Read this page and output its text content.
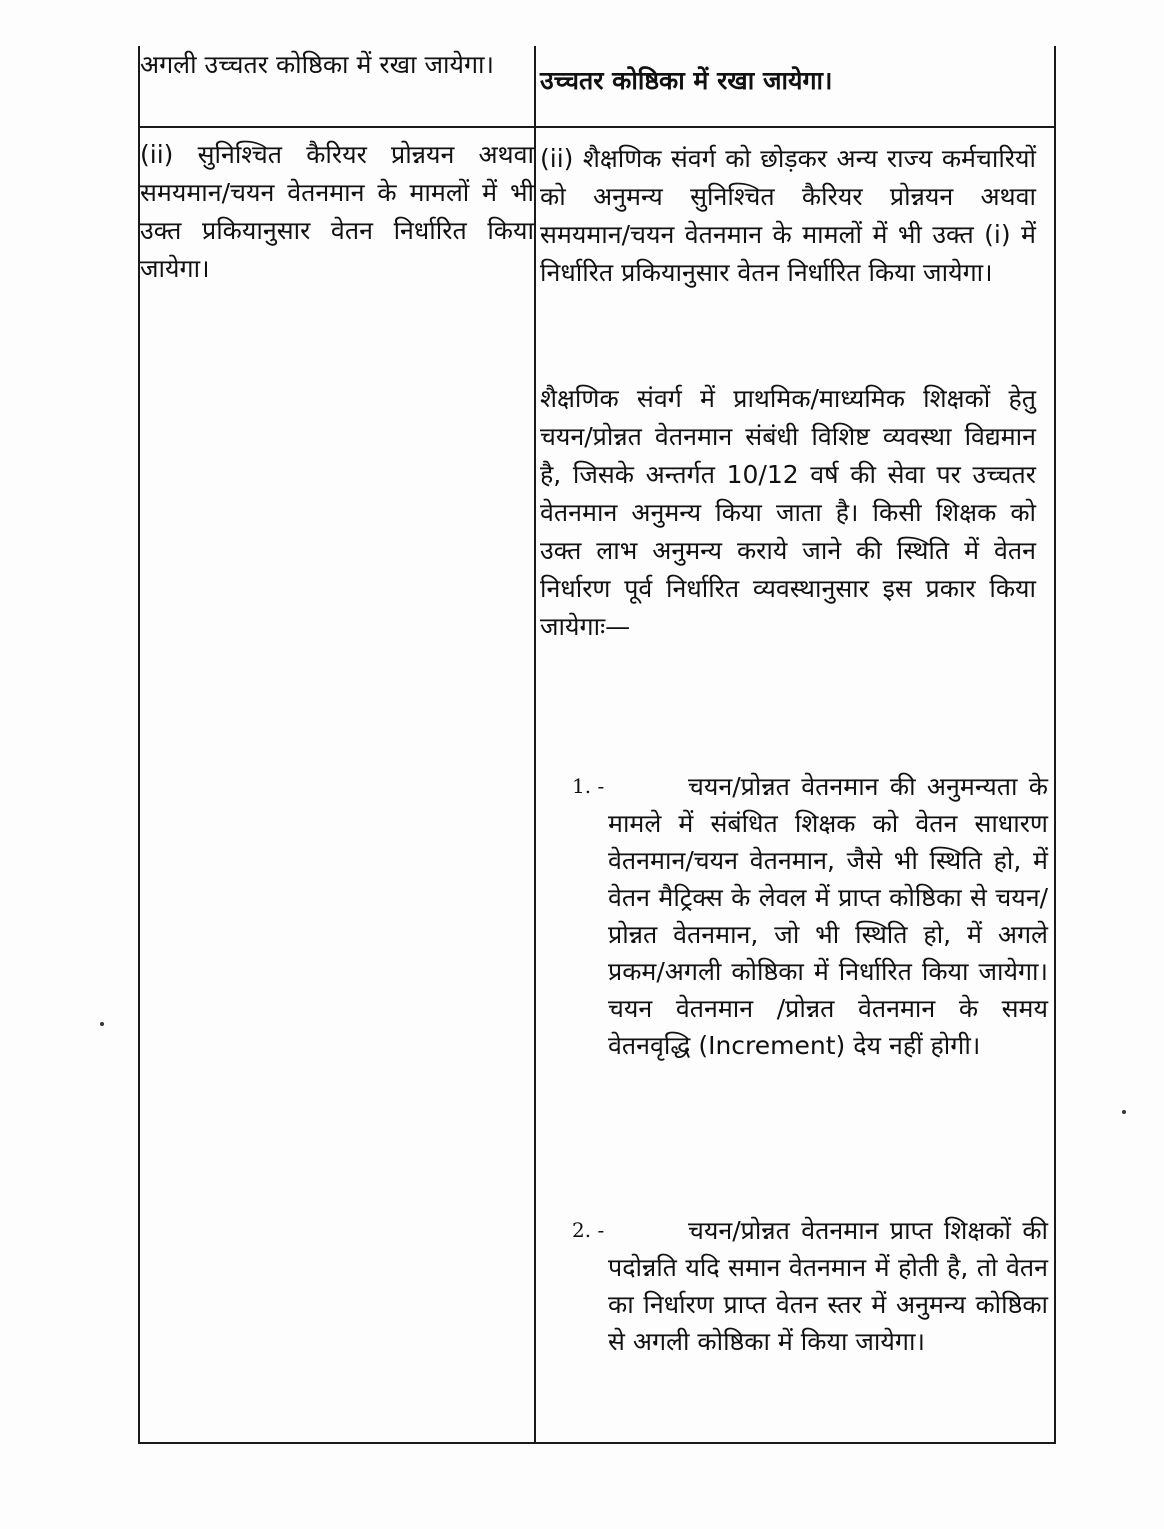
अगली उच्चतर कोष्ठिका में रखा जायेगा।

उच्चतर कोष्ठिका में रखा जायेगा।

(ii) सुनिश्चित कैरियर प्रोन्नयन अथवा समयमान/चयन वेतनमान के मामलों में भी उक्त प्रकियानुसार वेतन निर्धारित किया जायेगा।

(ii) शैक्षणिक संवर्ग को छोड़कर अन्य राज्य कर्मचारियों को अनुमन्य सुनिश्चित कैरियर प्रोन्नयन अथवा समयमान/चयन वेतनमान के मामलों में भी उक्त (i) में निर्धारित प्रकियानुसार वेतन निर्धारित किया जायेगा।

शैक्षणिक संवर्ग में प्राथमिक/माध्यमिक शिक्षकों हेतु चयन/प्रोन्नत वेतनमान संबंधी विशिष्ट व्यवस्था विद्यमान है, जिसके अन्तर्गत 10/12 वर्ष की सेवा पर उच्चतर वेतनमान अनुमन्य किया जाता है। किसी शिक्षक को उक्त लाभ अनुमन्य कराये जाने की स्थिति में वेतन निर्धारण पूर्व निर्धारित व्यवस्थानुसार इस प्रकार किया जायेगाः—

1. -	चयन/प्रोन्नत वेतनमान की अनुमन्यता के मामले में संबंधित शिक्षक को वेतन साधारण वेतनमान/चयन वेतनमान, जैसे भी स्थिति हो, में वेतन मैट्रिक्स के लेवल में प्राप्त कोष्ठिका से चयन/प्रोन्नत वेतनमान, जो भी स्थिति हो, में अगले प्रकम/अगली कोष्ठिका में निर्धारित किया जायेगा। चयन वेतनमान /प्रोन्नत वेतनमान के समय वेतनवृद्धि (Increment) देय नहीं होगी।
2. -	चयन/प्रोन्नत वेतनमान प्राप्त शिक्षकों की पदोन्नति यदि समान वेतनमान में होती है, तो वेतन का निर्धारण प्राप्त वेतन स्तर में अनुमन्य कोष्ठिका से अगली कोष्ठिका में किया जायेगा।
